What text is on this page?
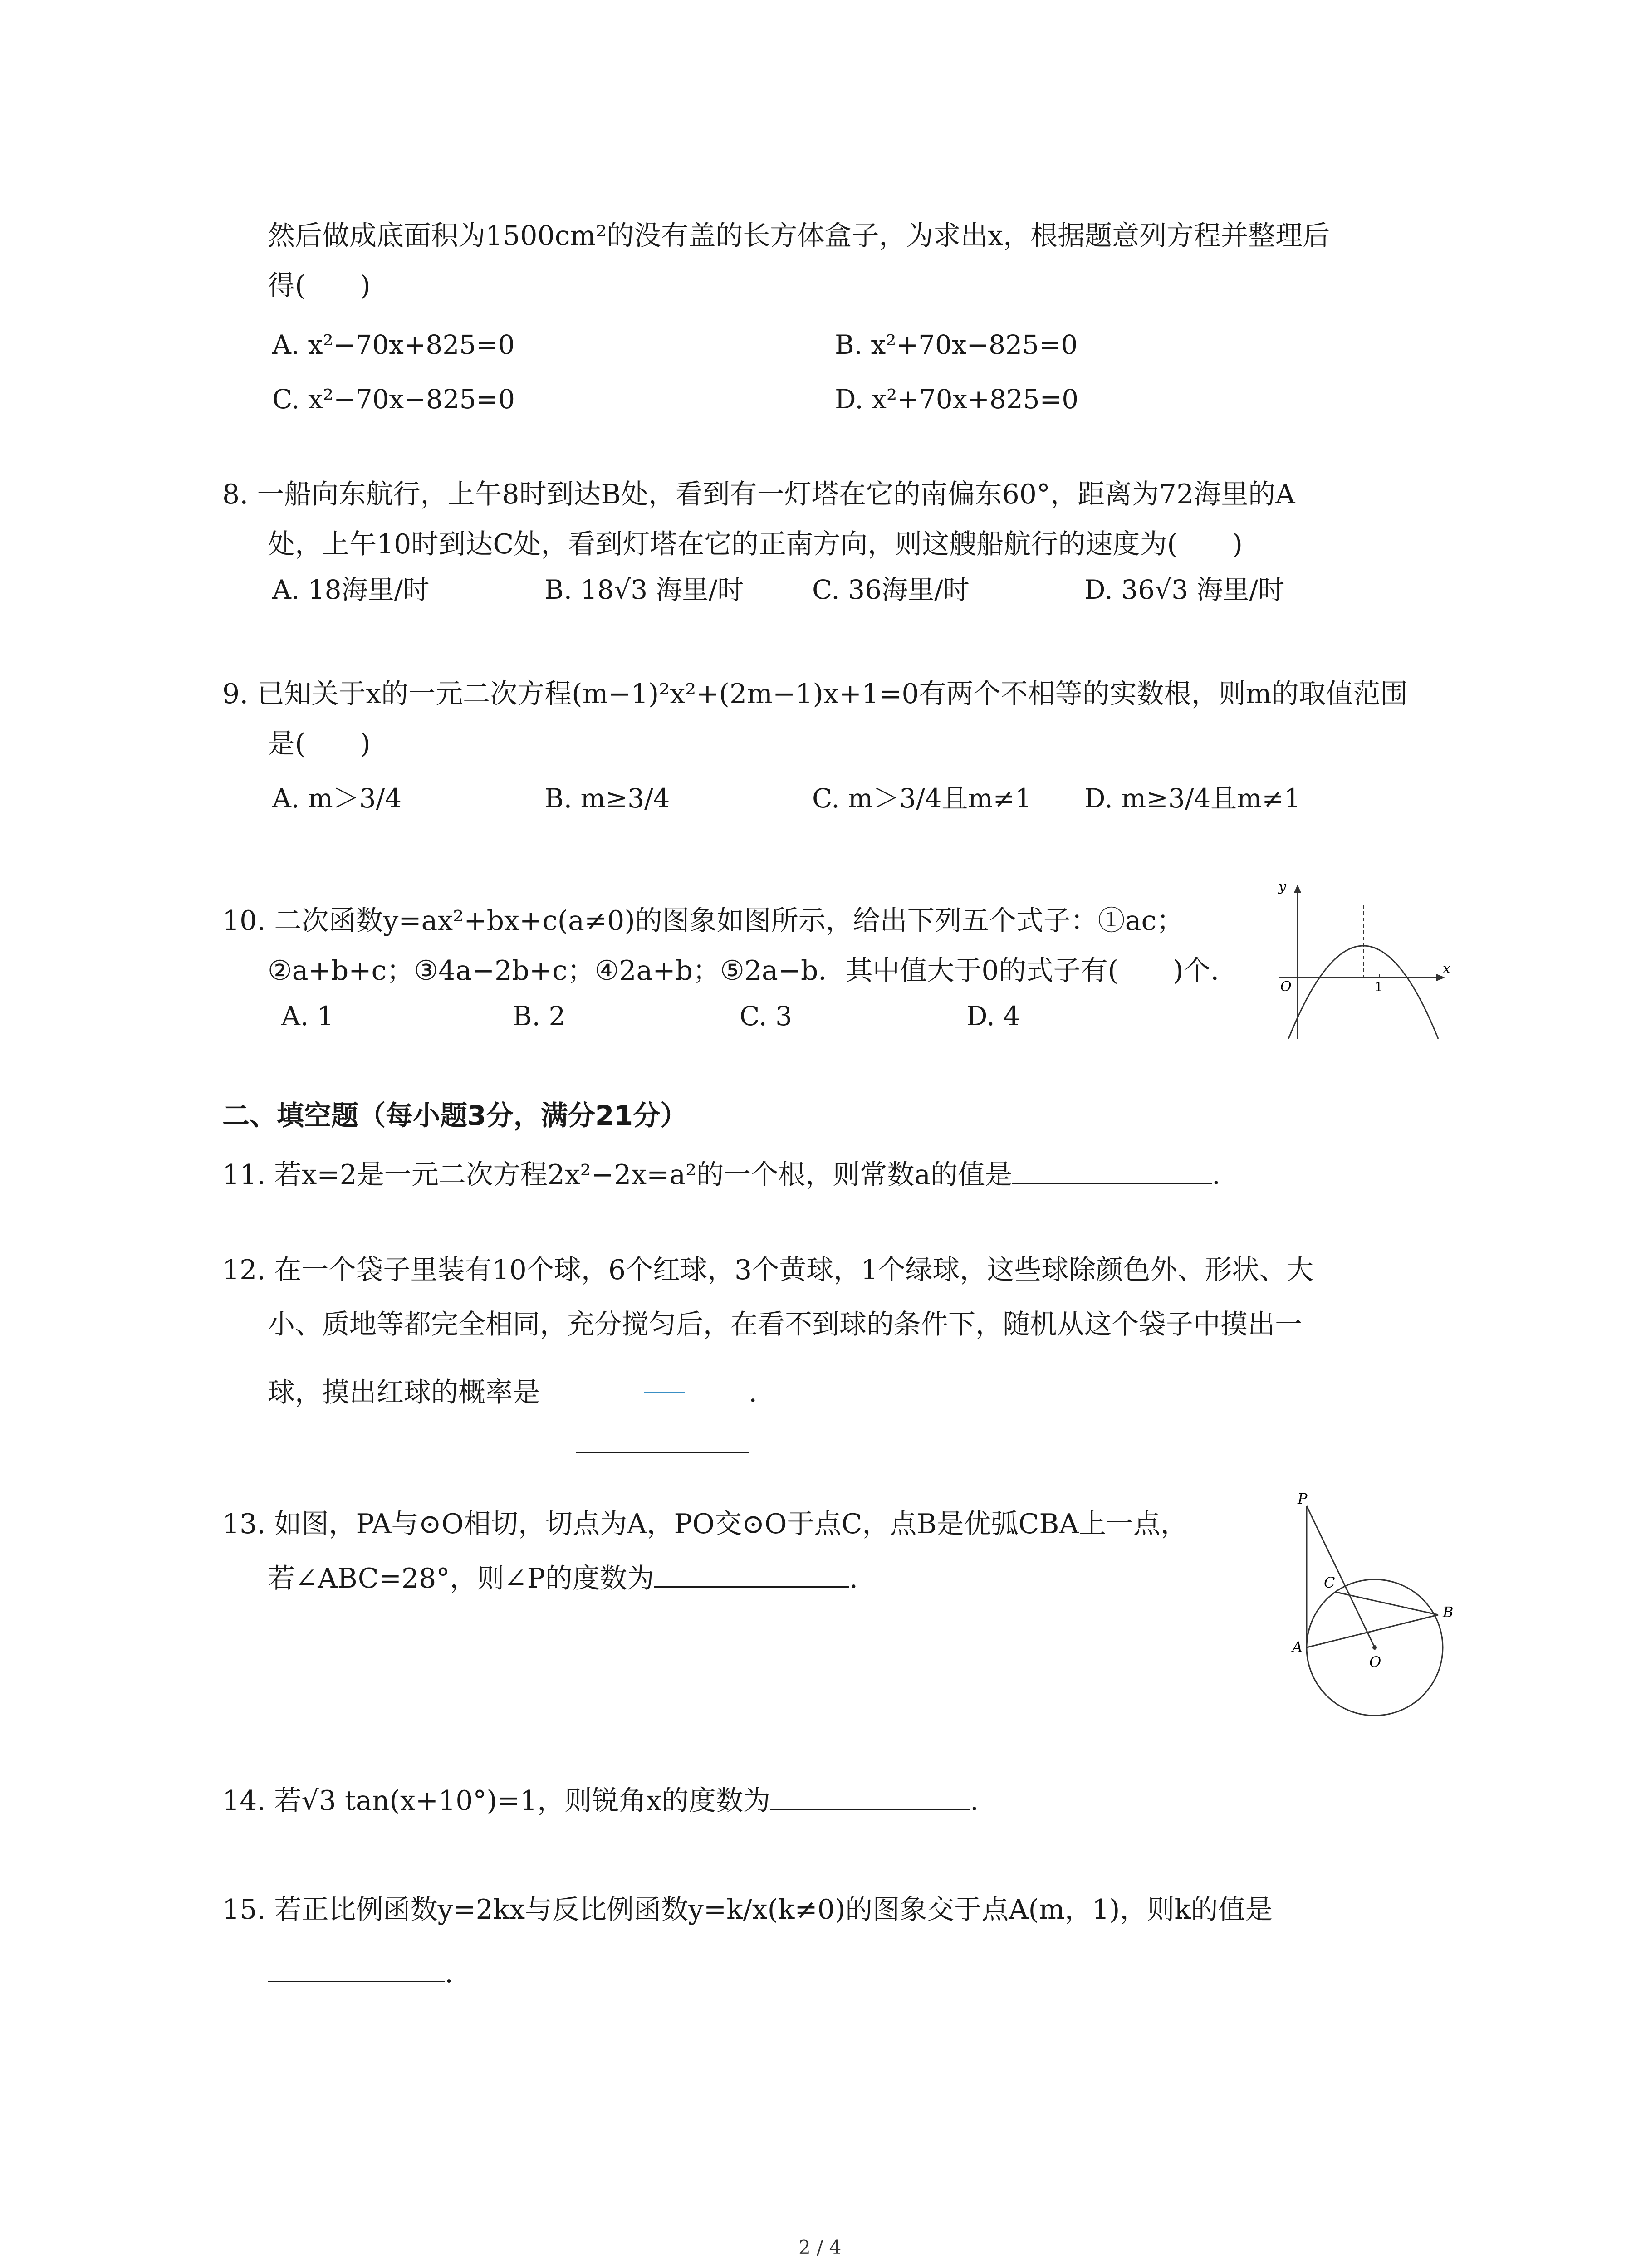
然后做成底面积为1500cm²的没有盖的长方体盒子，为求出x，根据题意列方程并整理后
得(　　)
A. x²−70x+825=0	B. x²+70x−825=0
C. x²−70x−825=0	D. x²+70x+825=0
8. 一船向东航行，上午8时到达B处，看到有一灯塔在它的南偏东60°，距离为72海里的A
处，上午10时到达C处，看到灯塔在它的正南方向，则这艘船航行的速度为(　　)
A. 18海里/时	B. 18√3 海里/时	C. 36海里/时	D. 36√3 海里/时
9. 已知关于x的一元二次方程(m−1)²x²+(2m−1)x+1=0有两个不相等的实数根，则m的取值范围
是(　　)
A. m＞3/4	B. m≥3/4	C. m＞3/4且m≠1 D. m≥3/4且m≠1
10. 二次函数y=ax²+bx+c(a≠0)的图象如图所示，给出下列五个式子：①ac；
②a+b+c；③4a−2b+c；④2a+b；⑤2a−b．其中值大于0的式子有(　　)个．
A. 1	B. 2	C. 3	D. 4
y
x
O	1
二、填空题（每小题3分，满分21分）
11. 若x=2是一元二次方程2x²−2x=a²的一个根，则常数a的值是	.
12. 在一个袋子里装有10个球，6个红球，3个黄球，1个绿球，这些球除颜色外、形状、大
小、质地等都完全相同，充分搅匀后，在看不到球的条件下，随机从这个袋子中摸出一
球，摸出红球的概率是	.
13. 如图，PA与⊙O相切，切点为A，PO交⊙O于点C，点B是优弧CBA上一点，
若∠ABC=28°，则∠P的度数为	.
P
C
B
A
O
14. 若√3 tan(x+10°)=1，则锐角x的度数为	.
15. 若正比例函数y=2kx与反比例函数y=k/x(k≠0)的图象交于点A(m，1)，则k的值是
.
2 / 4
